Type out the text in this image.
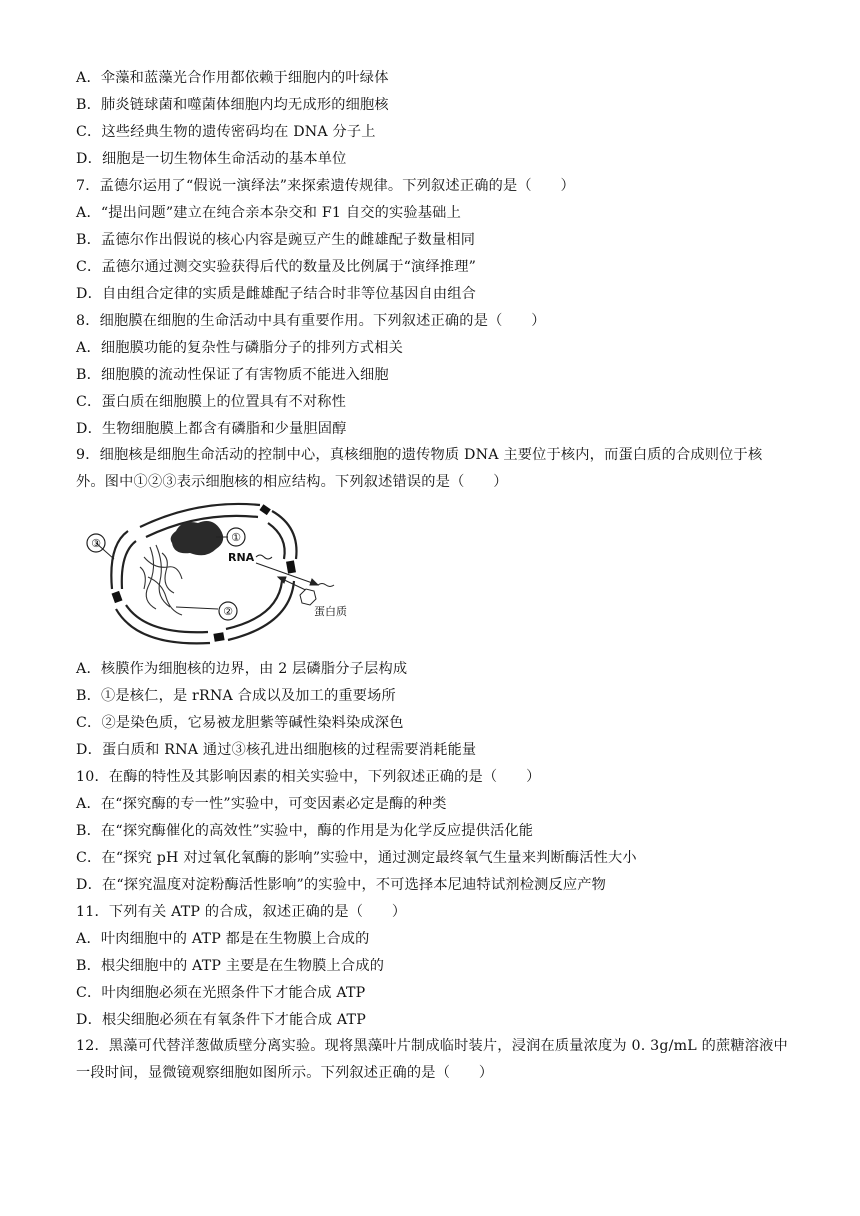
A．伞藻和蓝藻光合作用都依赖于细胞内的叶绿体
B．肺炎链球菌和噬菌体细胞内均无成形的细胞核
C．这些经典生物的遗传密码均在 DNA 分子上
D．细胞是一切生物体生命活动的基本单位
7．孟德尔运用了“假说一演绎法”来探索遗传规律。下列叙述正确的是（　　）
A．“提出问题”建立在纯合亲本杂交和 F1 自交的实验基础上
B．孟德尔作出假说的核心内容是豌豆产生的雌雄配子数量相同
C．孟德尔通过测交实验获得后代的数量及比例属于“演绎推理”
D．自由组合定律的实质是雌雄配子结合时非等位基因自由组合
8．细胞膜在细胞的生命活动中具有重要作用。下列叙述正确的是（　　）
A．细胞膜功能的复杂性与磷脂分子的排列方式相关
B．细胞膜的流动性保证了有害物质不能进入细胞
C．蛋白质在细胞膜上的位置具有不对称性
D．生物细胞膜上都含有磷脂和少量胆固醇
9．细胞核是细胞生命活动的控制中心，真核细胞的遗传物质 DNA 主要位于核内，而蛋白质的合成则位于核外。图中①②③表示细胞核的相应结构。下列叙述错误的是（　　）
①
②
③
RNA
蛋白质
A．核膜作为细胞核的边界，由 2 层磷脂分子层构成
B．①是核仁，是 rRNA 合成以及加工的重要场所
C．②是染色质，它易被龙胆紫等碱性染料染成深色
D．蛋白质和 RNA 通过③核孔进出细胞核的过程需要消耗能量
10．在酶的特性及其影响因素的相关实验中，下列叙述正确的是（　　）
A．在“探究酶的专一性”实验中，可变因素必定是酶的种类
B．在“探究酶催化的高效性”实验中，酶的作用是为化学反应提供活化能
C．在“探究 pH 对过氧化氧酶的影响”实验中，通过测定最终氧气生量来判断酶活性大小
D．在“探究温度对淀粉酶活性影响”的实验中，不可选择本尼迪特试剂检测反应产物
11．下列有关 ATP 的合成，叙述正确的是（　　）
A．叶肉细胞中的 ATP 都是在生物膜上合成的
B．根尖细胞中的 ATP 主要是在生物膜上合成的
C．叶肉细胞必须在光照条件下才能合成 ATP
D．根尖细胞必须在有氧条件下才能合成 ATP
12．黑藻可代替洋葱做质壁分离实验。现将黑藻叶片制成临时装片，浸润在质量浓度为 0. 3g/mL 的蔗糖溶液中一段时间，显微镜观察细胞如图所示。下列叙述正确的是（　　）
